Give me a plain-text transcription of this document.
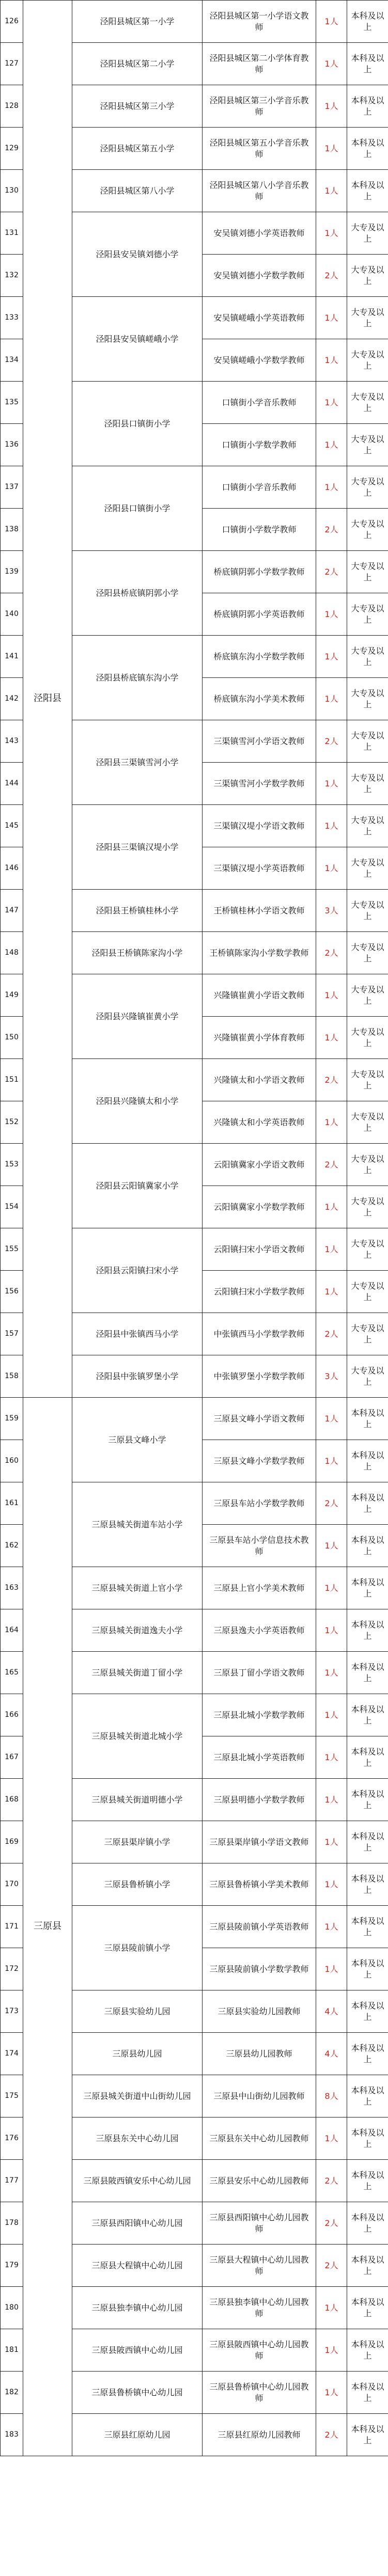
126	泾阳县	泾阳县城区第一小学	泾阳县城区第一小学语文教师	1人	本科及以上
127		泾阳县城区第二小学	泾阳县城区第二小学体育教师	1人	本科及以上
128		泾阳县城区第三小学	泾阳县城区第三小学音乐教师	1人	本科及以上
129		泾阳县城区第五小学	泾阳县城区第五小学音乐教师	1人	本科及以上
130		泾阳县城区第八小学	泾阳县城区第八小学音乐教师	1人	本科及以上
131		泾阳县安吴镇刘德小学	安吴镇刘德小学英语教师	1人	大专及以上
132			安吴镇刘德小学数学教师	2人	大专及以上
133		泾阳县安吴镇嵯峨小学	安吴镇嵯峨小学英语教师	1人	大专及以上
134			安吴镇嵯峨小学数学教师	1人	大专及以上
135		泾阳县口镇街小学	口镇街小学音乐教师	1人	大专及以上
136			口镇街小学数学教师	1人	大专及以上
137		泾阳县口镇街小学	口镇街小学音乐教师	1人	大专及以上
138			口镇街小学数学教师	2人	大专及以上
139		泾阳县桥底镇阴郭小学	桥底镇阴郭小学数学教师	2人	大专及以上
140			桥底镇阴郭小学英语教师	1人	大专及以上
141		泾阳县桥底镇东沟小学	桥底镇东沟小学数学教师	1人	大专及以上
142			桥底镇东沟小学美术教师	1人	大专及以上
143		泾阳县三渠镇雪河小学	三渠镇雪河小学语文教师	2人	大专及以上
144			三渠镇雪河小学数学教师	1人	大专及以上
145		泾阳县三渠镇汉堤小学	三渠镇汉堤小学语文教师	1人	大专及以上
146			三渠镇汉堤小学英语教师	1人	大专及以上
147		泾阳县王桥镇桂林小学	王桥镇桂林小学语文教师	3人	大专及以上
148		泾阳县王桥镇陈家沟小学	王桥镇陈家沟小学数学教师	2人	大专及以上
149		泾阳县兴隆镇崔黄小学	兴隆镇崔黄小学语文教师	1人	大专及以上
150			兴隆镇崔黄小学体育教师	1人	大专及以上
151		泾阳县兴隆镇太和小学	兴隆镇太和小学语文教师	2人	大专及以上
152			兴隆镇太和小学英语教师	1人	大专及以上
153		泾阳县云阳镇冀家小学	云阳镇冀家小学语文教师	2人	大专及以上
154			云阳镇冀家小学数学教师	1人	大专及以上
155		泾阳县云阳镇扫宋小学	云阳镇扫宋小学语文教师	1人	大专及以上
156			云阳镇扫宋小学数学教师	1人	大专及以上
157		泾阳县中张镇西马小学	中张镇西马小学数学教师	2人	大专及以上
158		泾阳县中张镇罗堡小学	中张镇罗堡小学数学教师	3人	大专及以上
159	三原县	三原县文峰小学	三原县文峰小学语文教师	1人	本科及以上
160			三原县文峰小学数学教师	1人	本科及以上
161		三原县城关街道车站小学	三原县车站小学数学教师	2人	本科及以上
162			三原县车站小学信息技术教师	1人	本科及以上
163		三原县城关街道上官小学	三原县上官小学美术教师	1人	本科及以上
164		三原县城关街道逸夫小学	三原县逸夫小学英语教师	1人	本科及以上
165		三原县城关街道丁留小学	三原县丁留小学语文教师	1人	本科及以上
166		三原县城关街道北城小学	三原县北城小学数学教师	1人	本科及以上
167			三原县北城小学英语教师	1人	本科及以上
168		三原县城关街道明德小学	三原县明德小学数学教师	1人	本科及以上
169		三原县渠岸镇小学	三原县渠岸镇小学语文教师	1人	本科及以上
170		三原县鲁桥镇小学	三原县鲁桥镇小学美术教师	1人	本科及以上
171		三原县陵前镇小学	三原县陵前镇小学英语教师	1人	本科及以上
172			三原县陵前镇小学数学教师	1人	本科及以上
173		三原县实验幼儿园	三原县实验幼儿园教师	4人	本科及以上
174		三原县幼儿园	三原县幼儿园教师	4人	本科及以上
175		三原县城关街道中山街幼儿园	三原县中山街幼儿园教师	8人	本科及以上
176		三原县东关中心幼儿园	三原县东关中心幼儿园教师	1人	本科及以上
177		三原县陂西镇安乐中心幼儿园	三原县安乐中心幼儿园教师	2人	本科及以上
178		三原县西阳镇中心幼儿园	三原县西阳镇中心幼儿园教师	2人	本科及以上
179		三原县大程镇中心幼儿园	三原县大程镇中心幼儿园教师	2人	本科及以上
180		三原县独李镇中心幼儿园	三原县独李镇中心幼儿园教师	1人	本科及以上
181		三原县陂西镇中心幼儿园	三原县陂西镇中心幼儿园教师	1人	本科及以上
182		三原县鲁桥镇中心幼儿园	三原县鲁桥镇中心幼儿园教师	1人	本科及以上
183		三原县红原幼儿园	三原县红原幼儿园教师	2人	本科及以上
